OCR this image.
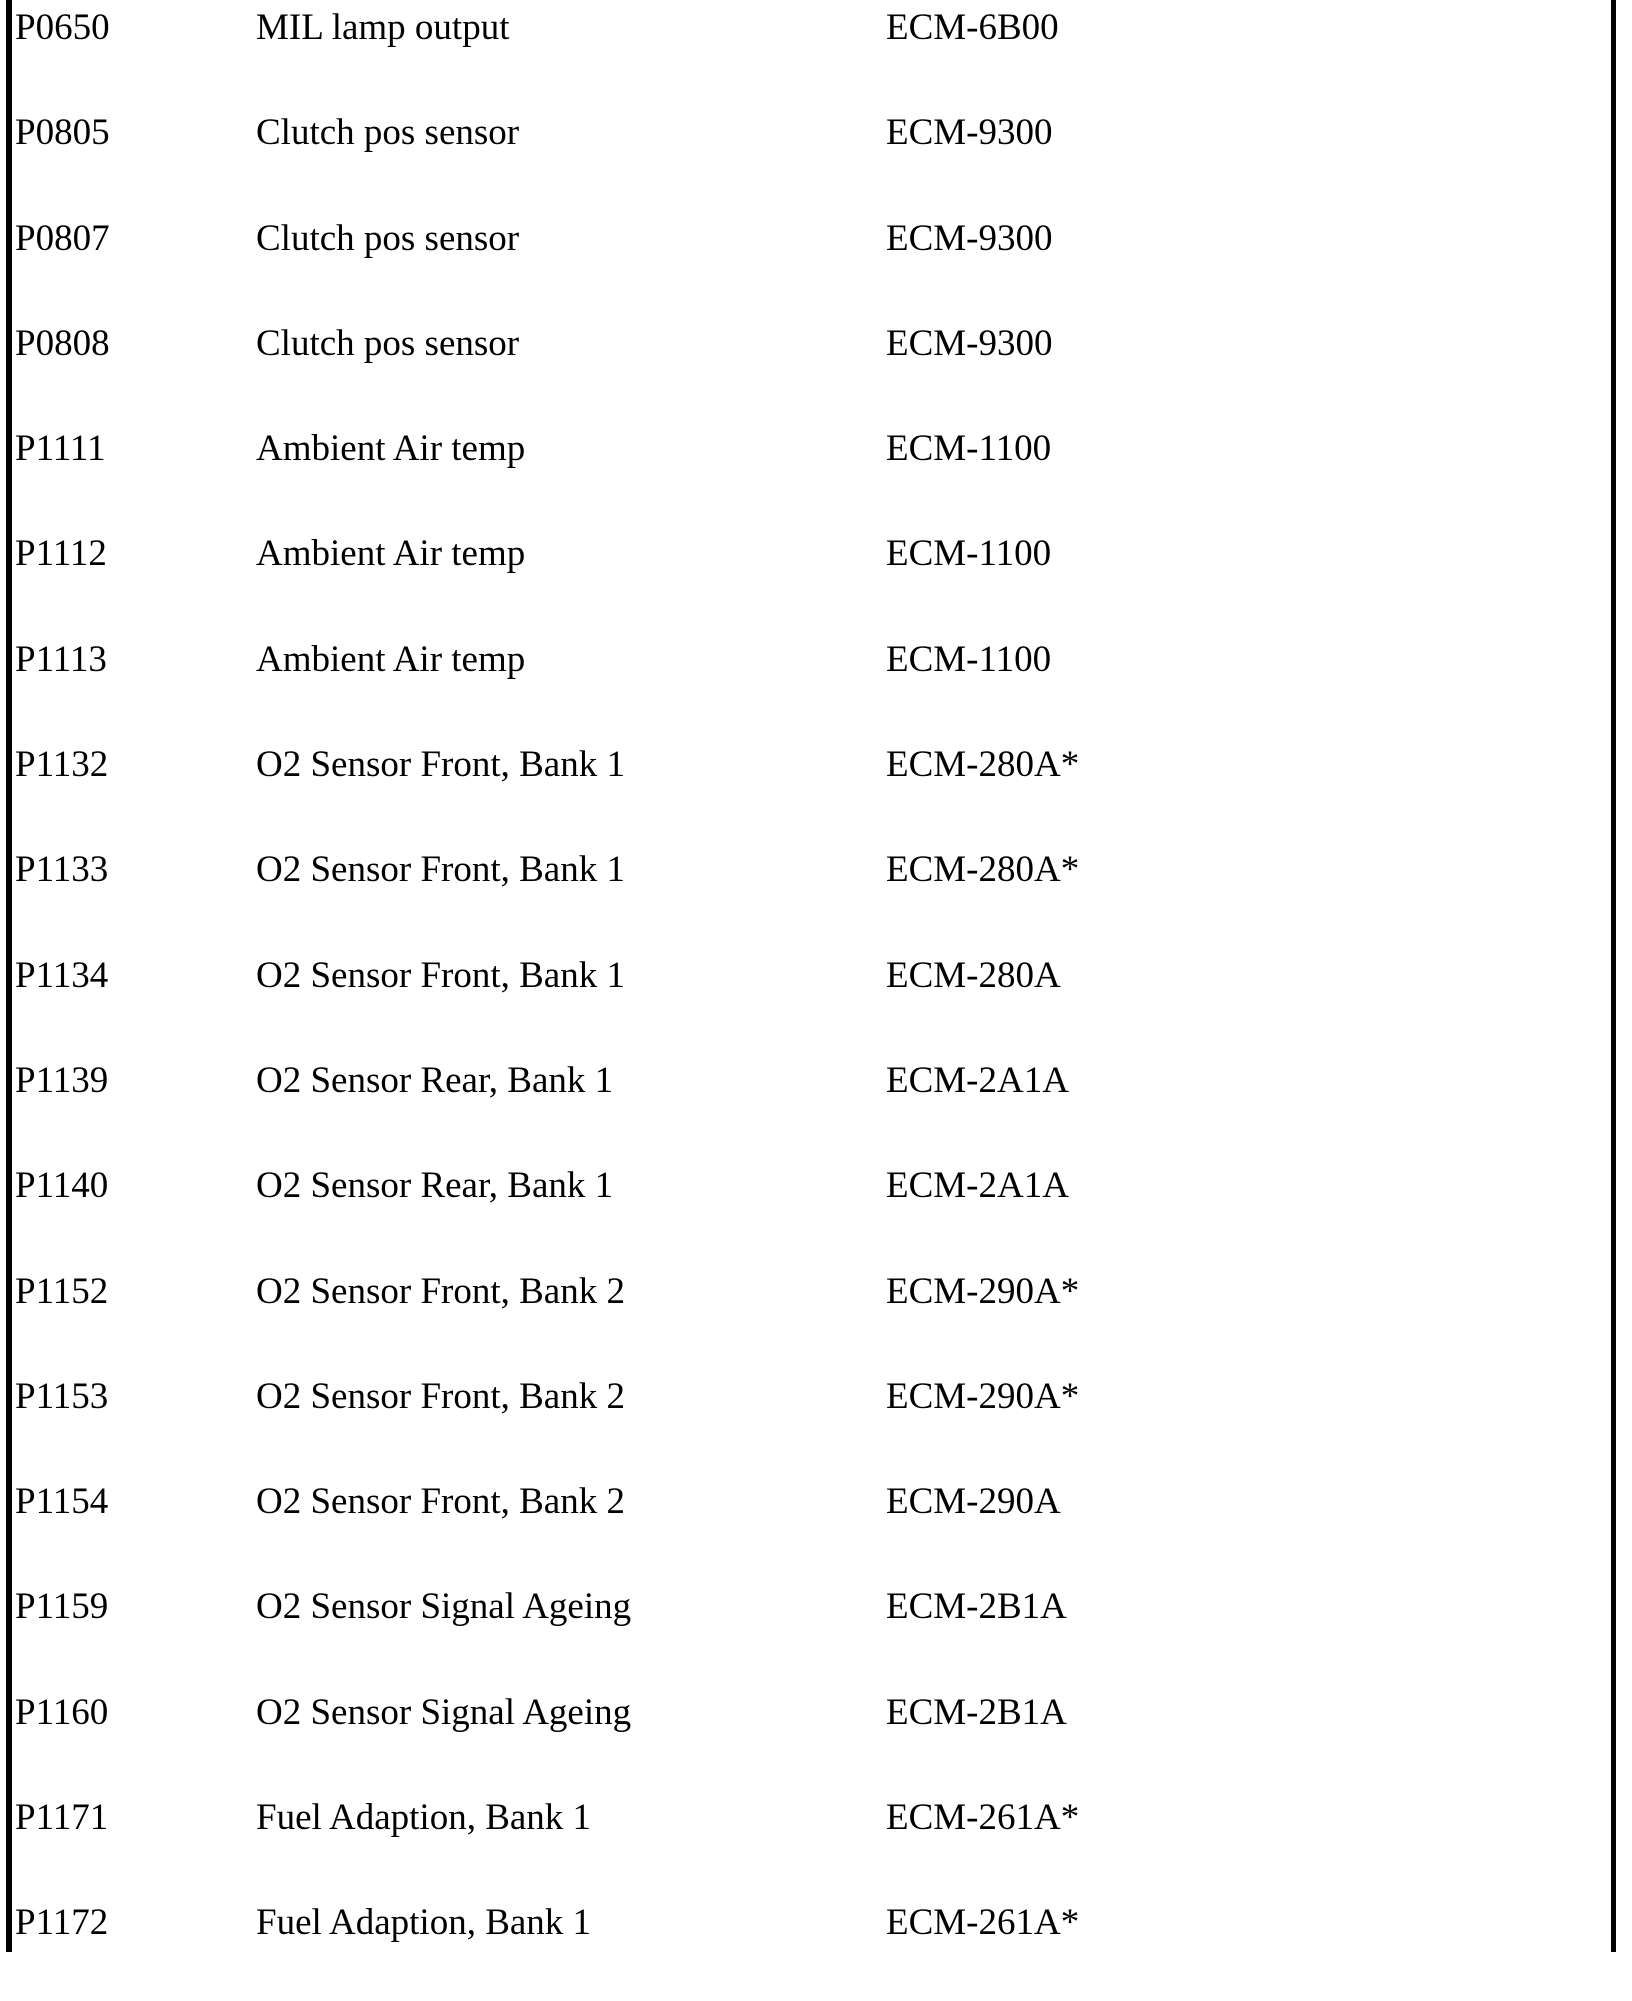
P0650	MIL lamp output	ECM-6B00
P0805	Clutch pos sensor	ECM-9300
P0807	Clutch pos sensor	ECM-9300
P0808	Clutch pos sensor	ECM-9300
P1111	Ambient Air temp	ECM-1100
P1112	Ambient Air temp	ECM-1100
P1113	Ambient Air temp	ECM-1100
P1132	O2 Sensor Front, Bank 1	ECM-280A*
P1133	O2 Sensor Front, Bank 1	ECM-280A*
P1134	O2 Sensor Front, Bank 1	ECM-280A
P1139	O2 Sensor Rear, Bank 1	ECM-2A1A
P1140	O2 Sensor Rear, Bank 1	ECM-2A1A
P1152	O2 Sensor Front, Bank 2	ECM-290A*
P1153	O2 Sensor Front, Bank 2	ECM-290A*
P1154	O2 Sensor Front, Bank 2	ECM-290A
P1159	O2 Sensor Signal Ageing	ECM-2B1A
P1160	O2 Sensor Signal Ageing	ECM-2B1A
P1171	Fuel Adaption, Bank 1	ECM-261A*
P1172	Fuel Adaption, Bank 1	ECM-261A*
